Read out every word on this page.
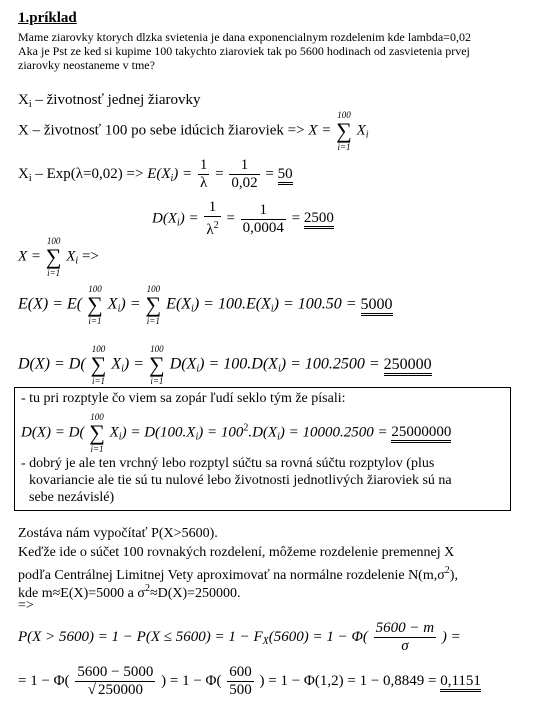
1.príklad
Mame ziarovky ktorych dlzka svietenia je dana exponencialnym rozdelenim kde lambda=0,02
Aka je Pst ze ked si kupime 100 takychto ziaroviek tak po 5600 hodinach od zasvietenia prvej
ziarovky neostaneme v tme?
$X_i$ – životnosť jednej žiarovky
X – životnosť 100 po sebe idúcich žiaroviek => X =
100
∑
i=1
$X_i$
$X_i - Exp(\lambda=0,02) => E(X_i) = \frac{1}{\lambda} = \frac{1}{0,02} = 50$
$D(X_i) = \frac{1}{\lambda^2} = \frac{1}{0,0004} = 2500$
X =
100
∑
i=1
$X_i$ =>
E(X) = E(
100
∑
i=1
$X_i$) =
100
∑
i=1
$E(X_i) = 100.E(X_i) = 100.50 = 5000$
D(X) = D(
100
∑
i=1
$X_i$) =
100
∑
i=1
$D(X_i) = 100.D(X_i) = 100.2500 = 250000$
- tu pri rozptyle čo viem sa zopár ľudí seklo tým že písali:
D(X) = D(
100
∑
i=1
$X_i) = D(100.X_i) = 100^2.D(X_i) = 10000.2500 = 25000000$
- dobrý je ale ten vrchný lebo rozptyl súčtu sa rovná súčtu rozptylov (plus
kovariancie ale tie sú tu nulové lebo životnosti jednotlivých žiaroviek sú na
sebe nezávislé)
Zostáva nám vypočítať P(X>5600).
Keďže ide o súčet 100 rovnakých rozdelení, môžeme rozdelenie premennej X
podľa Centrálnej Limitnej Vety aproximovať na normálne rozdelenie $N(m,\sigma^2)$,
kde m≈E(X)=5000 a $\sigma^2\approx D(X)=250000$.
=>
$P(X > 5600) = 1 - P(X \le 5600) = 1 - F_X(5600) = 1 - \Phi( \frac{5600 - m}{\sigma}$ ) =
= $1 - \Phi( \frac{5600 - 5000}{√ 250000}$ ) = $1 - \Phi( \frac{600}{500}$ ) = 1 − Φ(1,2) = 1 − 0,8849 = 0,1151
